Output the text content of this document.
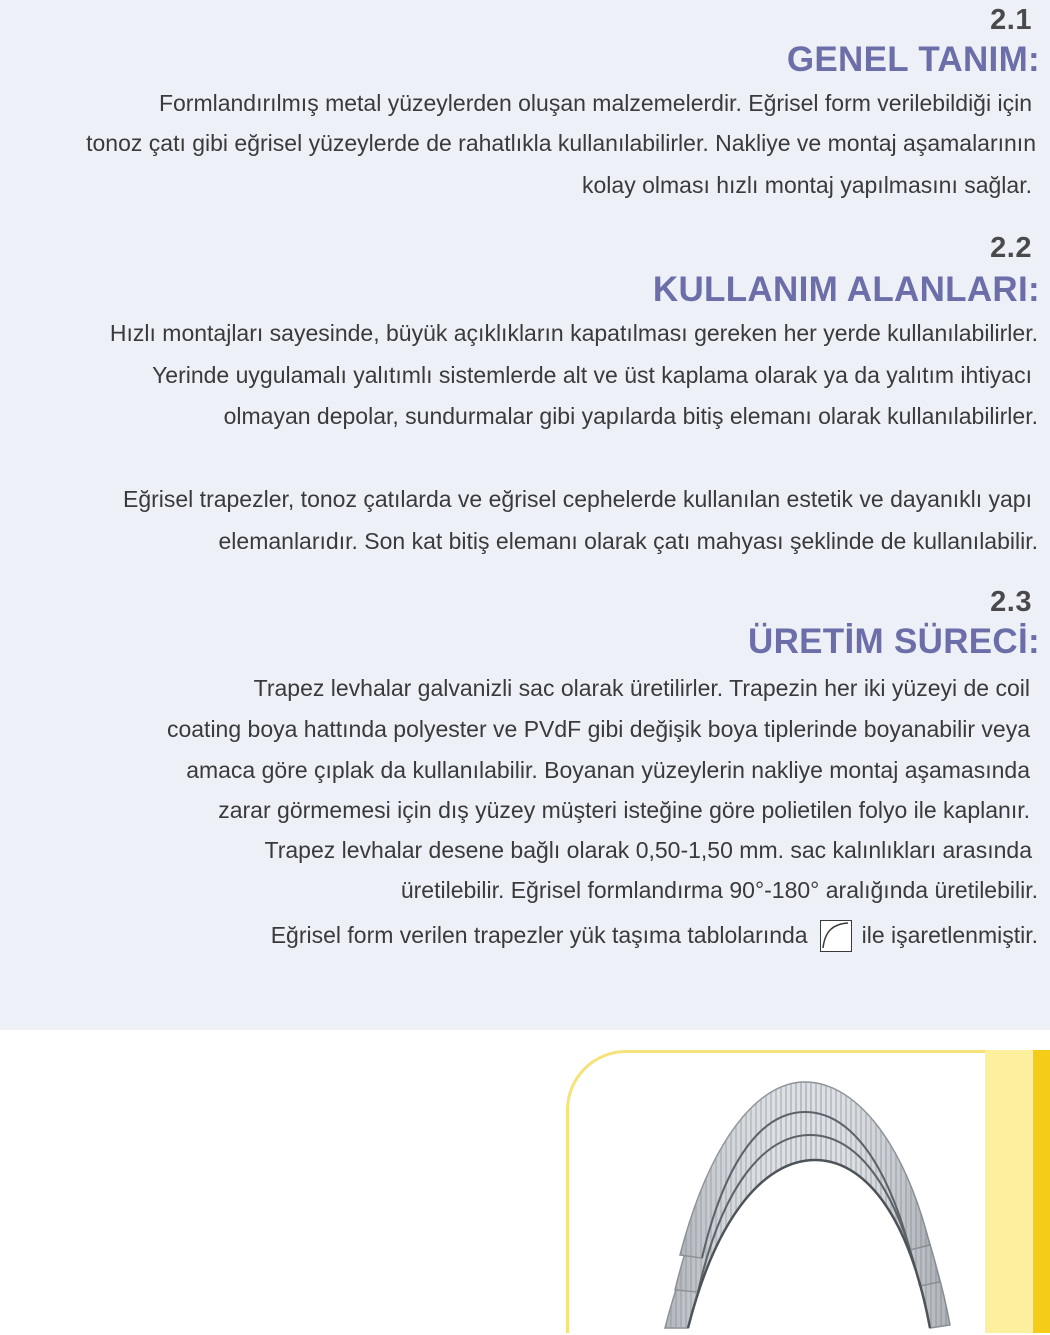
2.1
GENEL TANIM:
Formlandırılmış metal yüzeylerden oluşan malzemelerdir. Eğrisel form verilebildiği için
tonoz çatı gibi eğrisel yüzeylerde de rahatlıkla kullanılabilirler. Nakliye ve montaj aşamalarının
kolay olması hızlı montaj yapılmasını sağlar.
2.2
KULLANIM ALANLARI:
Hızlı montajları sayesinde, büyük açıklıkların kapatılması gereken her yerde kullanılabilirler.
Yerinde uygulamalı yalıtımlı sistemlerde alt ve üst kaplama olarak ya da yalıtım ihtiyacı
olmayan depolar, sundurmalar gibi yapılarda bitiş elemanı olarak kullanılabilirler.
Eğrisel trapezler, tonoz çatılarda ve eğrisel cephelerde kullanılan estetik ve dayanıklı yapı
elemanlarıdır. Son kat bitiş elemanı olarak çatı mahyası şeklinde de kullanılabilir.
2.3
ÜRETİM SÜRECİ:
Trapez levhalar galvanizli sac olarak üretilirler. Trapezin her iki yüzeyi de coil
coating boya hattında polyester ve PVdF gibi değişik boya tiplerinde boyanabilir veya
amaca göre çıplak da kullanılabilir. Boyanan yüzeylerin nakliye montaj aşamasında
zarar görmemesi için dış yüzey müşteri isteğine göre polietilen folyo ile kaplanır.
Trapez levhalar desene bağlı olarak 0,50-1,50 mm. sac kalınlıkları arasında
üretilebilir. Eğrisel formlandırma 90°-180° aralığında üretilebilir.
Eğrisel form verilen trapezler yük taşıma tablolarında ile işaretlenmiştir.
